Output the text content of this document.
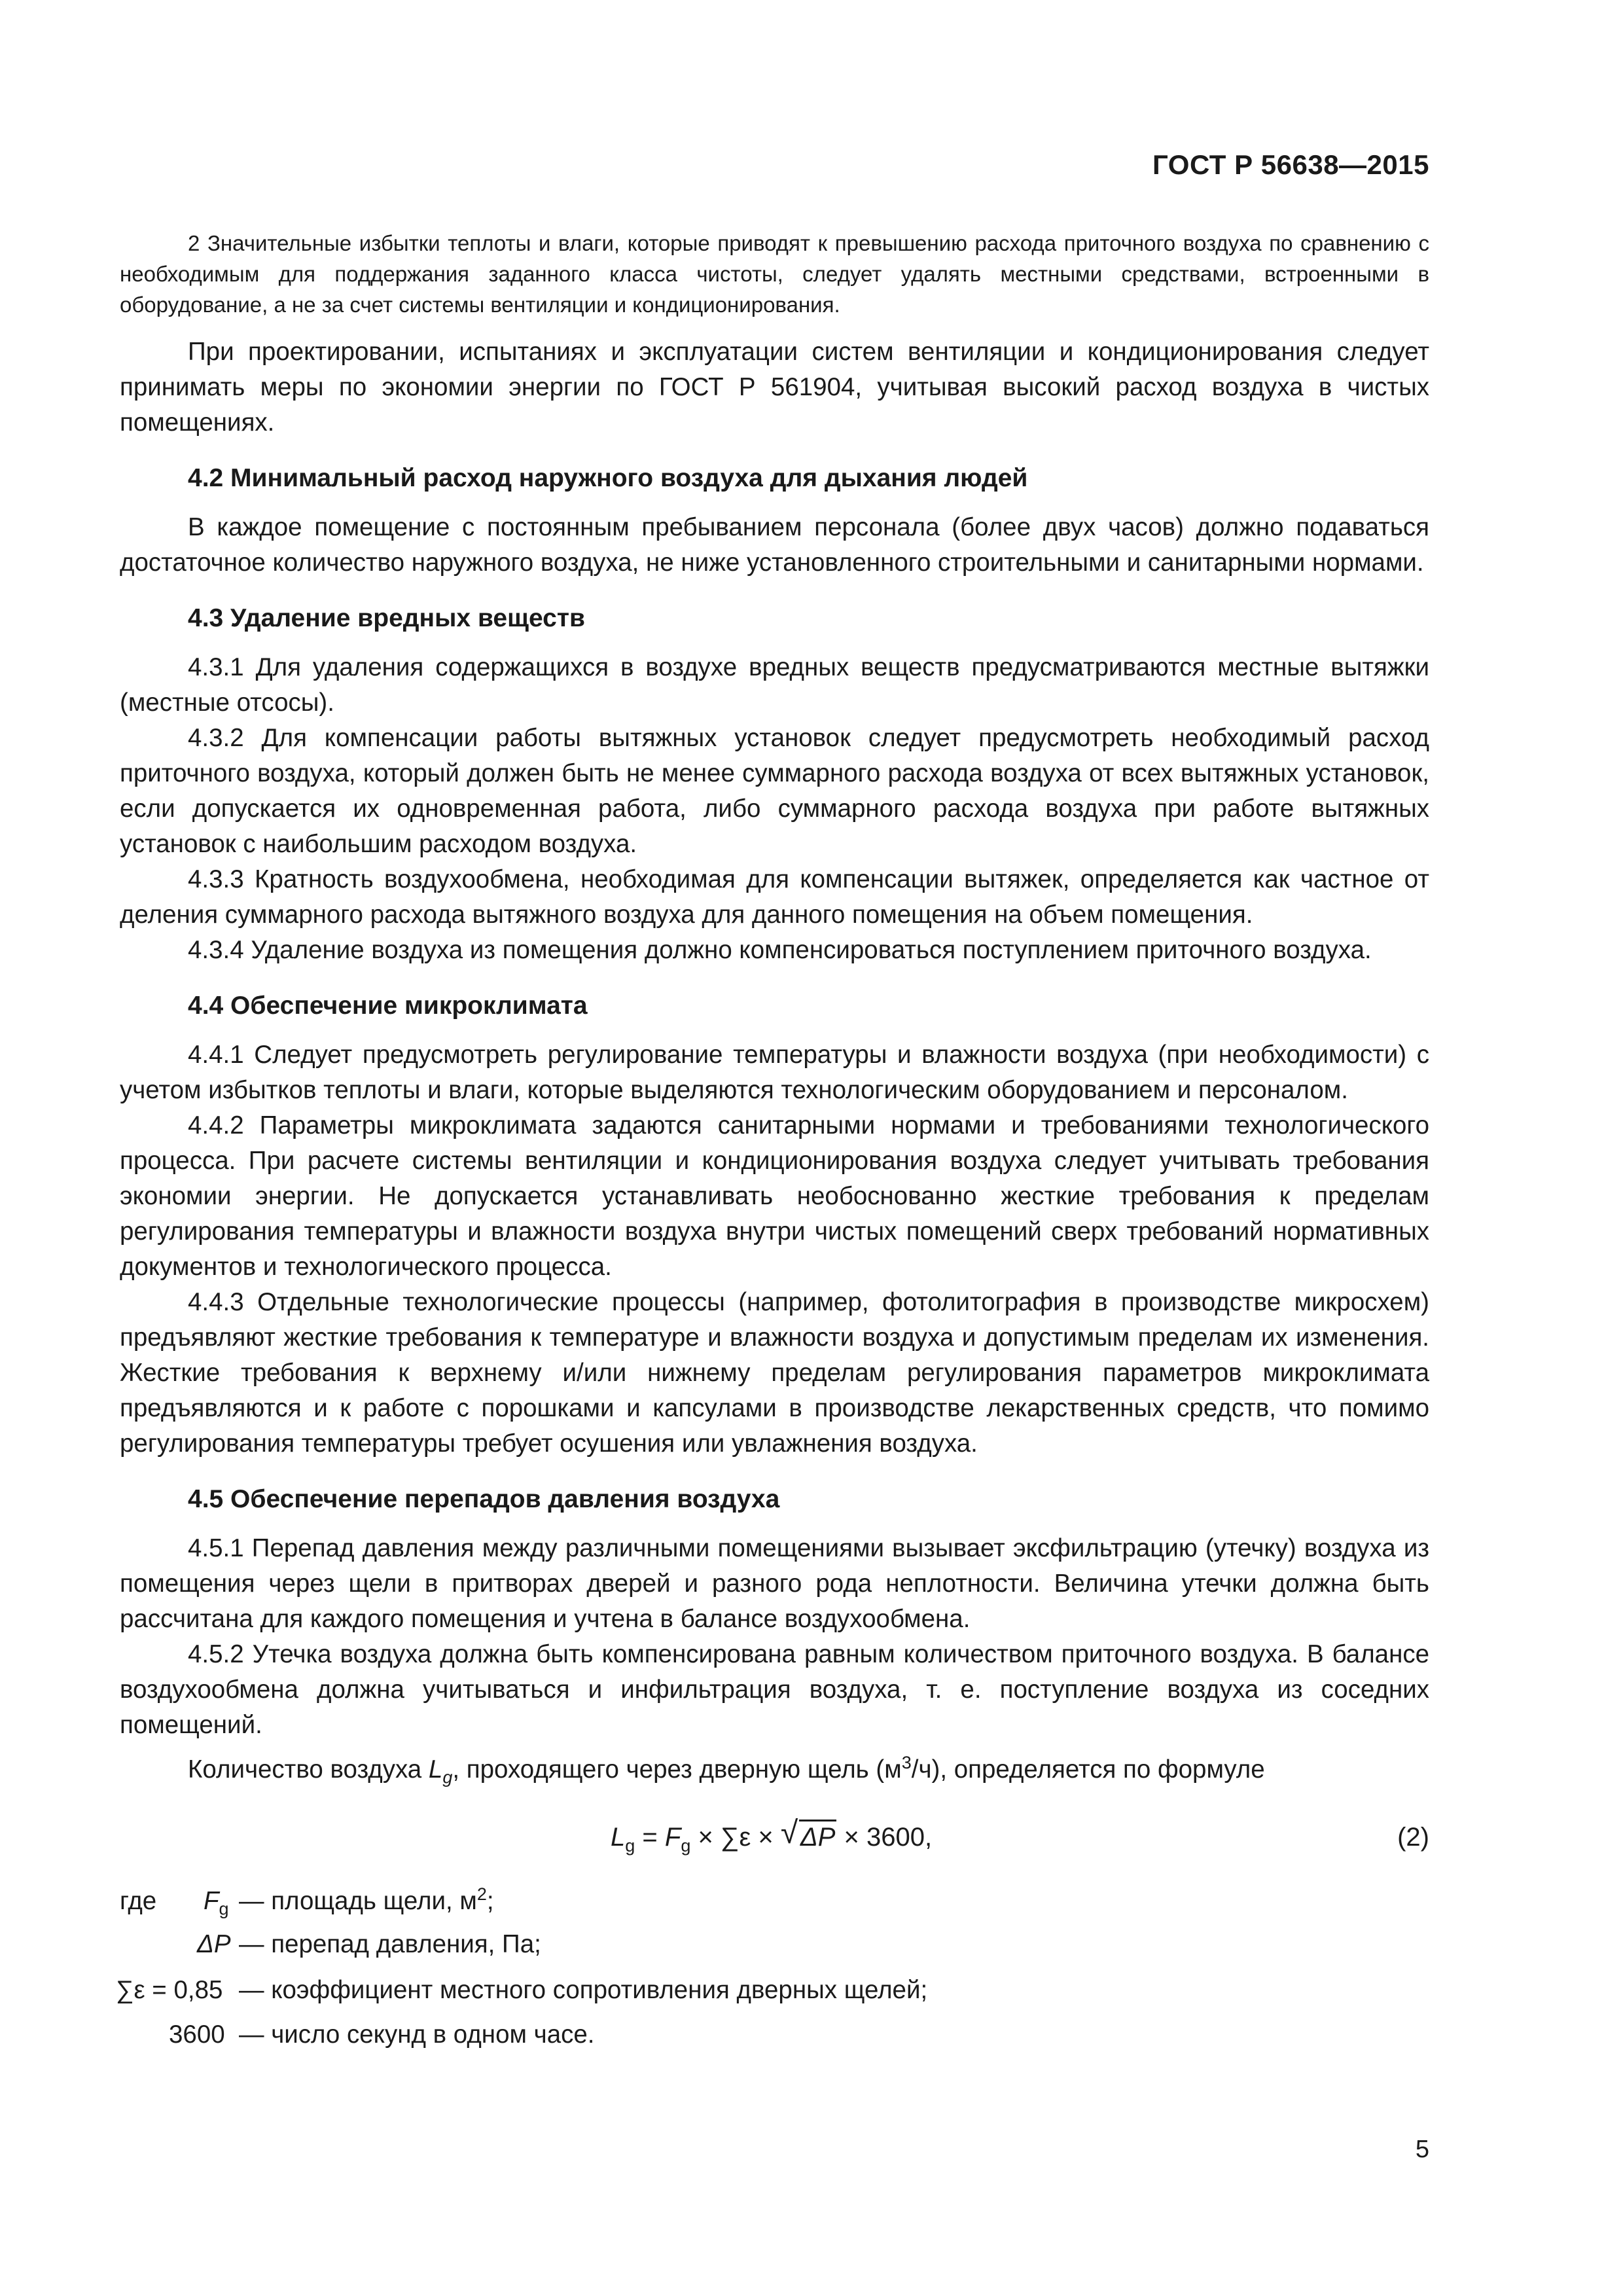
ГОСТ Р 56638—2015

2 Значительные избытки теплоты и влаги, которые приводят к превышению расхода приточного воздуха по сравнению с необходимым для поддержания заданного класса чистоты, следует удалять местными средствами, встроенными в оборудование, а не за счет системы вентиляции и кондиционирования.

При проектировании, испытаниях и эксплуатации систем вентиляции и кондиционирования следует принимать меры по экономии энергии по ГОСТ Р 561904, учитывая высокий расход воздуха в чистых помещениях.

4.2 Минимальный расход наружного воздуха для дыхания людей

В каждое помещение с постоянным пребыванием персонала (более двух часов) должно подаваться достаточное количество наружного воздуха, не ниже установленного строительными и санитарными нормами.

4.3 Удаление вредных веществ

4.3.1 Для удаления содержащихся в воздухе вредных веществ предусматриваются местные вытяжки (местные отсосы).

4.3.2 Для компенсации работы вытяжных установок следует предусмотреть необходимый расход приточного воздуха, который должен быть не менее суммарного расхода воздуха от всех вытяжных установок, если допускается их одновременная работа, либо суммарного расхода воздуха при работе вытяжных установок с наибольшим расходом воздуха.

4.3.3 Кратность воздухообмена, необходимая для компенсации вытяжек, определяется как частное от деления суммарного расхода вытяжного воздуха для данного помещения на объем помещения.

4.3.4 Удаление воздуха из помещения должно компенсироваться поступлением приточного воздуха.

4.4 Обеспечение микроклимата

4.4.1 Следует предусмотреть регулирование температуры и влажности воздуха (при необходимости) с учетом избытков теплоты и влаги, которые выделяются технологическим оборудованием и персоналом.

4.4.2 Параметры микроклимата задаются санитарными нормами и требованиями технологического процесса. При расчете системы вентиляции и кондиционирования воздуха следует учитывать требования экономии энергии. Не допускается устанавливать необоснованно жесткие требования к пределам регулирования температуры и влажности воздуха внутри чистых помещений сверх требований нормативных документов и технологического процесса.

4.4.3 Отдельные технологические процессы (например, фотолитография в производстве микросхем) предъявляют жесткие требования к температуре и влажности воздуха и допустимым пределам их изменения. Жесткие требования к верхнему и/или нижнему пределам регулирования параметров микроклимата предъявляются и к работе с порошками и капсулами в производстве лекарственных средств, что помимо регулирования температуры требует осушения или увлажнения воздуха.

4.5 Обеспечение перепадов давления воздуха

4.5.1 Перепад давления между различными помещениями вызывает эксфильтрацию (утечку) воздуха из помещения через щели в притворах дверей и разного рода неплотности. Величина утечки должна быть рассчитана для каждого помещения и учтена в балансе воздухообмена.

4.5.2 Утечка воздуха должна быть компенсирована равным количеством приточного воздуха. В балансе воздухообмена должна учитываться и инфильтрация воздуха, т. е. поступление воздуха из соседних помещений.

Количество воздуха $L_g$, проходящего через дверную щель $(м^3/ч)$, определяется по формуле

$L_g = F_g \times \sum\varepsilon$ × √ ΔP × 3600,	(2)
где $F_g$ — площадь щели, $м^2$;
ΔP — перепад давления, Па;
∑ε = 0,85 — коэффициент местного сопротивления дверных щелей;
3600 — число секунд в одном часе.
5
